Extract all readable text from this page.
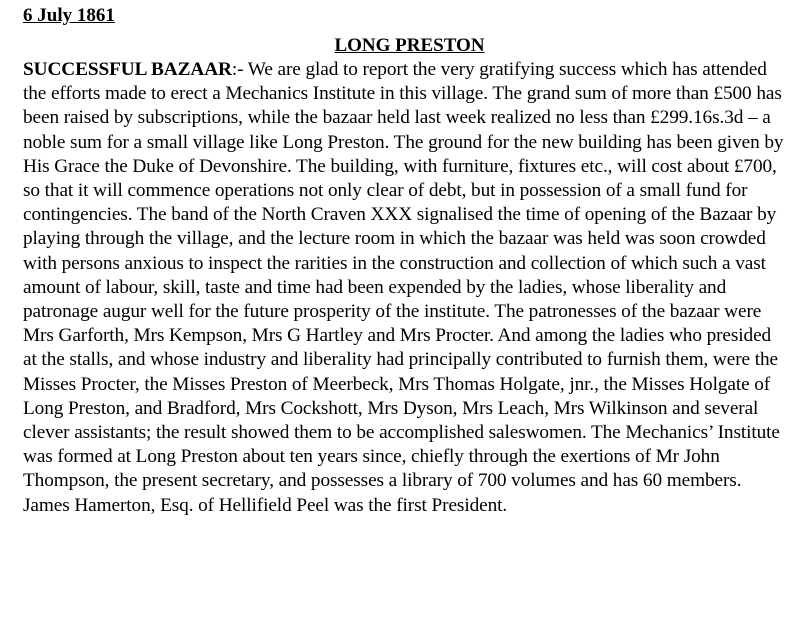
6 July 1861

LONG PRESTON

SUCCESSFUL BAZAAR:- We are glad to report the very gratifying success which has attended the efforts made to erect a Mechanics Institute in this village. The grand sum of more than £500 has been raised by subscriptions, while the bazaar held last week realized no less than £299.16s.3d – a noble sum for a small village like Long Preston. The ground for the new building has been given by His Grace the Duke of Devonshire. The building, with furniture, fixtures etc., will cost about £700, so that it will commence operations not only clear of debt, but in possession of a small fund for contingencies. The band of the North Craven XXX signalised the time of opening of the Bazaar by playing through the village, and the lecture room in which the bazaar was held was soon crowded with persons anxious to inspect the rarities in the construction and collection of which such a vast amount of labour, skill, taste and time had been expended by the ladies, whose liberality and patronage augur well for the future prosperity of the institute. The patronesses of the bazaar were Mrs Garforth, Mrs Kempson, Mrs G Hartley and Mrs Procter. And among the ladies who presided at the stalls, and whose industry and liberality had principally contributed to furnish them, were the Misses Procter, the Misses Preston of Meerbeck, Mrs Thomas Holgate, jnr., the Misses Holgate of Long Preston, and Bradford, Mrs Cockshott, Mrs Dyson, Mrs Leach, Mrs Wilkinson and several clever assistants; the result showed them to be accomplished saleswomen. The Mechanics’ Institute was formed at Long Preston about ten years since, chiefly through the exertions of Mr John Thompson, the present secretary, and possesses a library of 700 volumes and has 60 members. James Hamerton, Esq. of Hellifield Peel was the first President.
